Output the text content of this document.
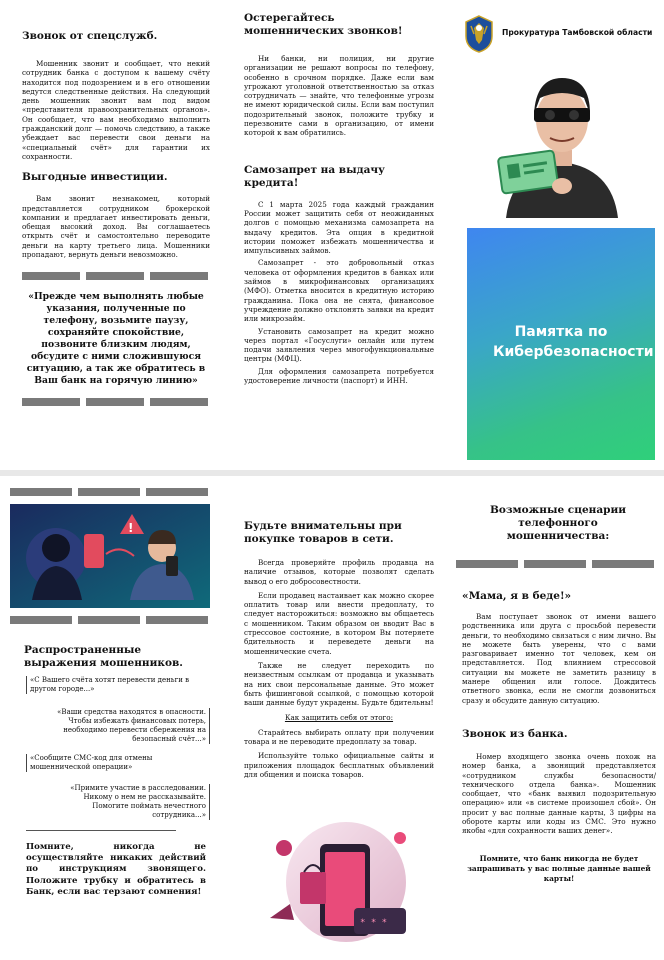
Звонок от спецслужб.
Мошенник звонит и сообщает, что некий сотрудник банка с доступом к вашему счёту находится под подозрением и в его отношении ведутся следственные действия. На следующий день мошенник звонит вам под видом «представителя правоохранительных органов». Он сообщает, что вам необходимо выполнить гражданский долг — помочь следствию, а также убеждает вас перевести свои деньги на «специальный счёт» для гарантии их сохранности.
Выгодные инвестиции.
Вам звонит незнакомец, который представляется сотрудником брокерской компании и предлагает инвестировать деньги, обещая высокий доход. Вы соглашаетесь открыть счёт и самостоятельно переводите деньги на карту третьего лица. Мошенники пропадают, вернуть деньги невозможно.
«Прежде чем выполнять любые указания, полученные по телефону, возьмите паузу, сохраняйте спокойствие, позвоните близким людям, обсудите с ними сложившуюся ситуацию, а так же обратитесь в Ваш банк на горячую линию»
Остерегайтесь мошеннических звонков!
Ни банки, ни полиция, ни другие организации не решают вопросы по телефону, особенно в срочном порядке. Даже если вам угрожают уголовной ответственностью за отказ сотрудничать — знайте, что телефонные угрозы не имеют юридической силы. Если вам поступил подозрительный звонок, положите трубку и перезвоните сами в организацию, от имени которой к вам обратились.
Самозапрет на выдачу кредита!
С 1 марта 2025 года каждый гражданин России может защитить себя от неожиданных долгов с помощью механизма самозапрета на выдачу кредитов. Эта опция в кредитной истории поможет избежать мошенничества и импульсивных займов.
Самозапрет - это добровольный отказ человека от оформления кредитов в банках или займов в микрофинансовых организациях (МФО). Отметка вносится в кредитную историю гражданина. Пока она не снята, финансовое учреждение должно отклонять заявки на кредит или микрозайм.
Установить самозапрет на кредит можно через портал «Госуслуги» онлайн или путем подачи заявления через многофункциональные центры (МФЦ).
Для оформления самозапрета потребуется удостоверение личности (паспорт) и ИНН.
Прокуратура Тамбовской области
Памятка по Кибербезопасности
!
Распространенные выражения мошенников.
«С Вашего счёта хотят перевести деньги в другом городе...»
«Ваши средства находятся в опасности. Чтобы избежать финансовых потерь, необходимо перевести сбережения на безопасный счёт...»
«Сообщите СМС-код для отмены мошеннической операции»
«Примите участие в расследовании. Никому о нем не рассказывайте. Помогите поймать нечестного сотрудника...»
Помните, никогда не осуществляйте никаких действий по инструкциям звонящего. Положите трубку и обратитесь в Банк, если вас терзают сомнения!
Будьте внимательны при покупке товаров в сети.
Всегда проверяйте профиль продавца на наличие отзывов, которые позволят сделать вывод о его добросовестности.
Если продавец настаивает как можно скорее оплатить товар или внести предоплату, то следует насторожиться: возможно вы общаетесь с мошенником. Таким образом он вводит Вас в стрессовое состояние, в котором Вы потеряете бдительность и переведете деньги на мошеннические счета.
Также не следует переходить по неизвестным ссылкам от продавца и указывать на них свои персональные данные. Это может быть фишинговой ссылкой, с помощью которой ваши данные будут украдены. Будьте бдительны!
Как защитить себя от этого:
Старайтесь выбирать оплату при получении товара и не переводите предоплату за товар.
Используйте только официальные сайты и приложения площадок бесплатных объявлений для общения и поиска товаров.
* * *
Возможные сценарии телефонного мошенничества:
«Мама, я в беде!»
Вам поступает звонок от имени вашего родственника или друга с просьбой перевести деньги, то необходимо связаться с ним лично. Вы не можете быть уверены, что с вами разговаривает именно тот человек, кем он представляется. Под влиянием стрессовой ситуации вы можете не заметить разницу в манере общения или голосе. Дождитесь ответного звонка, если не смогли дозвониться сразу и обсудите данную ситуацию.
Звонок из банка.
Номер входящего звонка очень похож на номер банка, а звонящий представляется «сотрудником службы безопасности/технического отдела банка». Мошенник сообщает, что «банк выявил подозрительную операцию» или «в системе произошел сбой». Он просит у вас полные данные карты, 3 цифры на обороте карты или коды из СМС. Это нужно якобы «для сохранности ваших денег».
Помните, что банк никогда не будет запрашивать у вас полные данные вашей карты!
